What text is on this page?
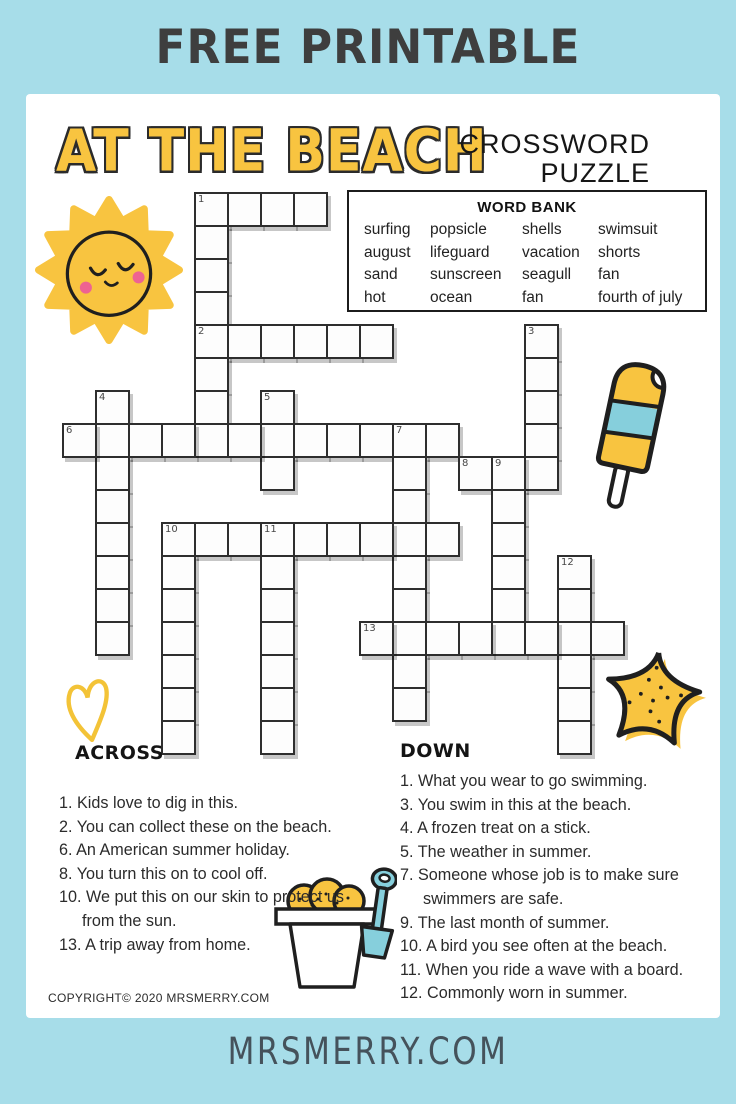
FREE PRINTABLE
AT THE BEACH
CROSSWORD
PUZZLE
WORD BANK
surfing	popsicle	shells	swimsuit
august	lifeguard	vacation	shorts
sand	sunscreen	seagull	fan
hot	ocean	fan	fourth of july
1
2	3
4	5
6	7
8	9
10	11
12
13
ACROSS
1. Kids love to dig in this.
2. You can collect these on the beach.
6. An American summer holiday.
8. You turn this on to cool off.
10. We put this on our skin to protect us from the sun.
13. A trip away from home.
DOWN
1. What you wear to go swimming.
3. You swim in this at the beach.
4. A frozen treat on a stick.
5. The weather in summer.
7. Someone whose job is to make sure swimmers are safe.
9. The last month of summer.
10. A bird you see often at the beach.
11. When you ride a wave with a board.
12. Commonly worn in summer.
COPYRIGHT© 2020 MRSMERRY.COM
MRSMERRY.COM
